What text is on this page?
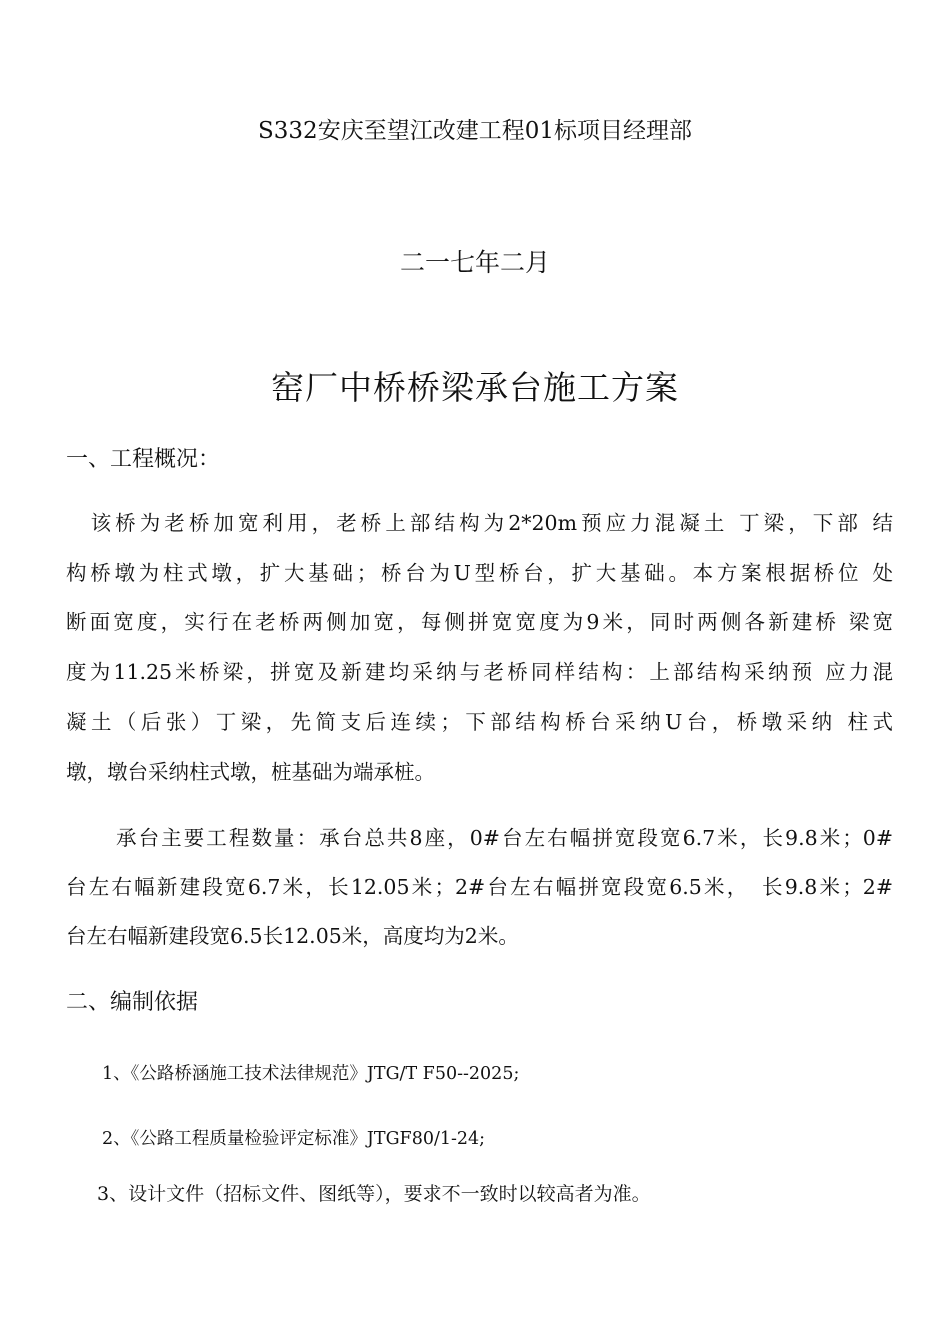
S332安庆至望江改建工程01标项目经理部

二一七年二月

窑厂中桥桥梁承台施工方案
一、工程概况：

　该桥为老桥加宽利用，老桥上部结构为2*20m预应力混凝土 丁梁，下部 结

构桥墩为柱式墩，扩大基础；桥台为U型桥台，扩大基础。本方案根据桥位 处

断面宽度，实行在老桥两侧加宽，每侧拼宽宽度为9米，同时两侧各新建桥 梁宽

度为11.25米桥梁，拼宽及新建均采纳与老桥同样结构：上部结构采纳预 应力混

凝土（后张）丁梁，先简支后连续；下部结构桥台采纳U台，桥墩采纳 柱式

墩，墩台采纳柱式墩，桩基础为端承桩。

承台主要工程数量：承台总共8座，0#台左右幅拼宽段宽6.7米，长9.8米；0#

台左右幅新建段宽6.7米，长12.05米；2#台左右幅拼宽段宽6.5米，　长9.8米；2#

台左右幅新建段宽6.5长12.05米，高度均为2米。

二、编制依据

1、《公路桥涵施工技术法律规范》JTG/T F50--2025;

2、《公路工程质量检验评定标准》JTGF80/1-24;

3、设计文件（招标文件、图纸等），要求不一致时以较高者为准。
